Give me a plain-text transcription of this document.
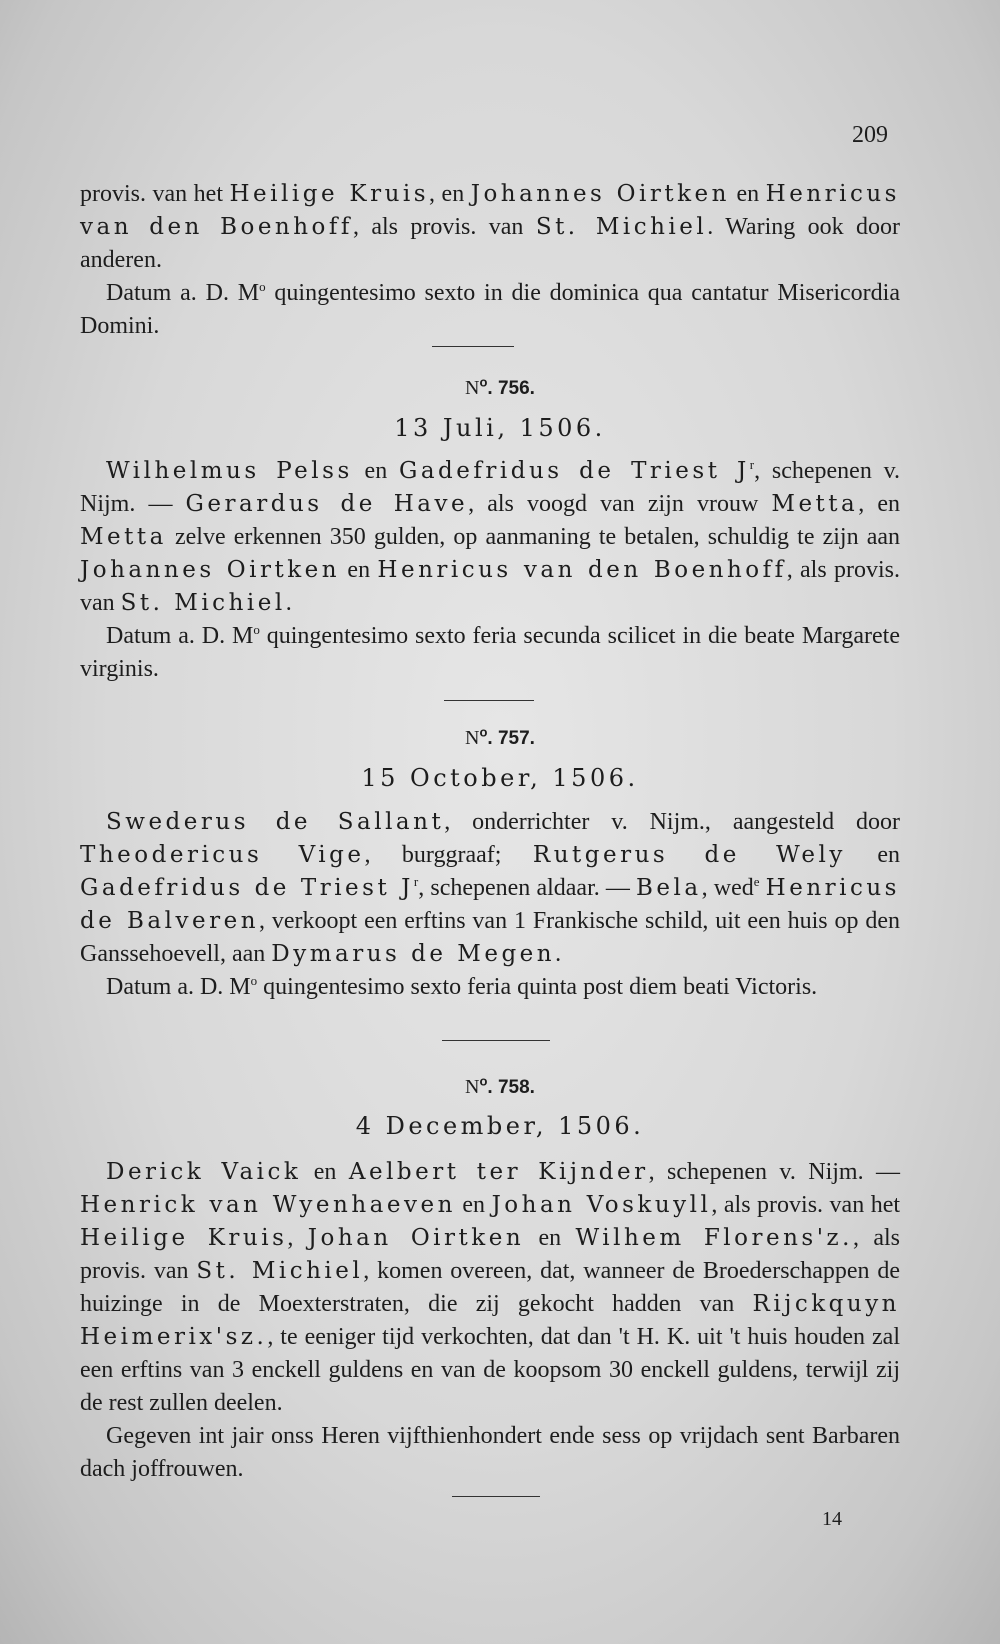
209

provis. van het Heilige Kruis, en Johannes Oirtken en Henricus van den Boenhoff, als provis. van St. Michiel. Waring ook door anderen.

Datum a. D. $M^o$ quingentesimo sexto in die dominica qua cantatur Misericordia Domini.

$N^o$. 756.
13 Juli, 1506.

Wilhelmus Pelss en Gadefridus de Triest $J^r$, schepenen v. Nijm. — Gerardus de Have, als voogd van zijn vrouw Metta, en Metta zelve erkennen 350 gulden, op aanmaning te betalen, schuldig te zijn aan Johannes Oirtken en Henricus van den Boenhoff, als provis. van St. Michiel.

Datum a. D. $M^o$ quingentesimo sexto feria secunda scilicet in die beate Margarete virginis.

$N^o$. 757.
15 October, 1506.

Swederus de Sallant, onderrichter v. Nijm., aangesteld door Theodericus Vige, burggraaf; Rutgerus de Wely en Gadefridus de Triest $J^r$, schepenen aldaar. — Bela, wed$^e$ Henricus de Balveren, verkoopt een erftins van 1 Frankische schild, uit een huis op den Ganssehoevell, aan Dymarus de Megen.

Datum a. D. $M^o$ quingentesimo sexto feria quinta post diem beati Victoris.

$N^o$. 758.
4 December, 1506.

Derick Vaick en Aelbert ter Kijnder, schepenen v. Nijm. — Henrick van Wyenhaeven en Johan Voskuyll, als provis. van het Heilige Kruis, Johan Oirtken en Wilhem Florens'z., als provis. van St. Michiel, komen overeen, dat, wanneer de Broederschappen de huizinge in de Moexterstraten, die zij gekocht hadden van Rijckquyn Heimerix'sz., te eeniger tijd verkochten, dat dan 't H. K. uit 't huis houden zal een erftins van 3 enckell guldens en van de koopsom 30 enckell guldens, terwijl zij de rest zullen deelen.

Gegeven int jair onss Heren vijfthienhondert ende sess op vrijdach sent Barbaren dach joffrouwen.

14
